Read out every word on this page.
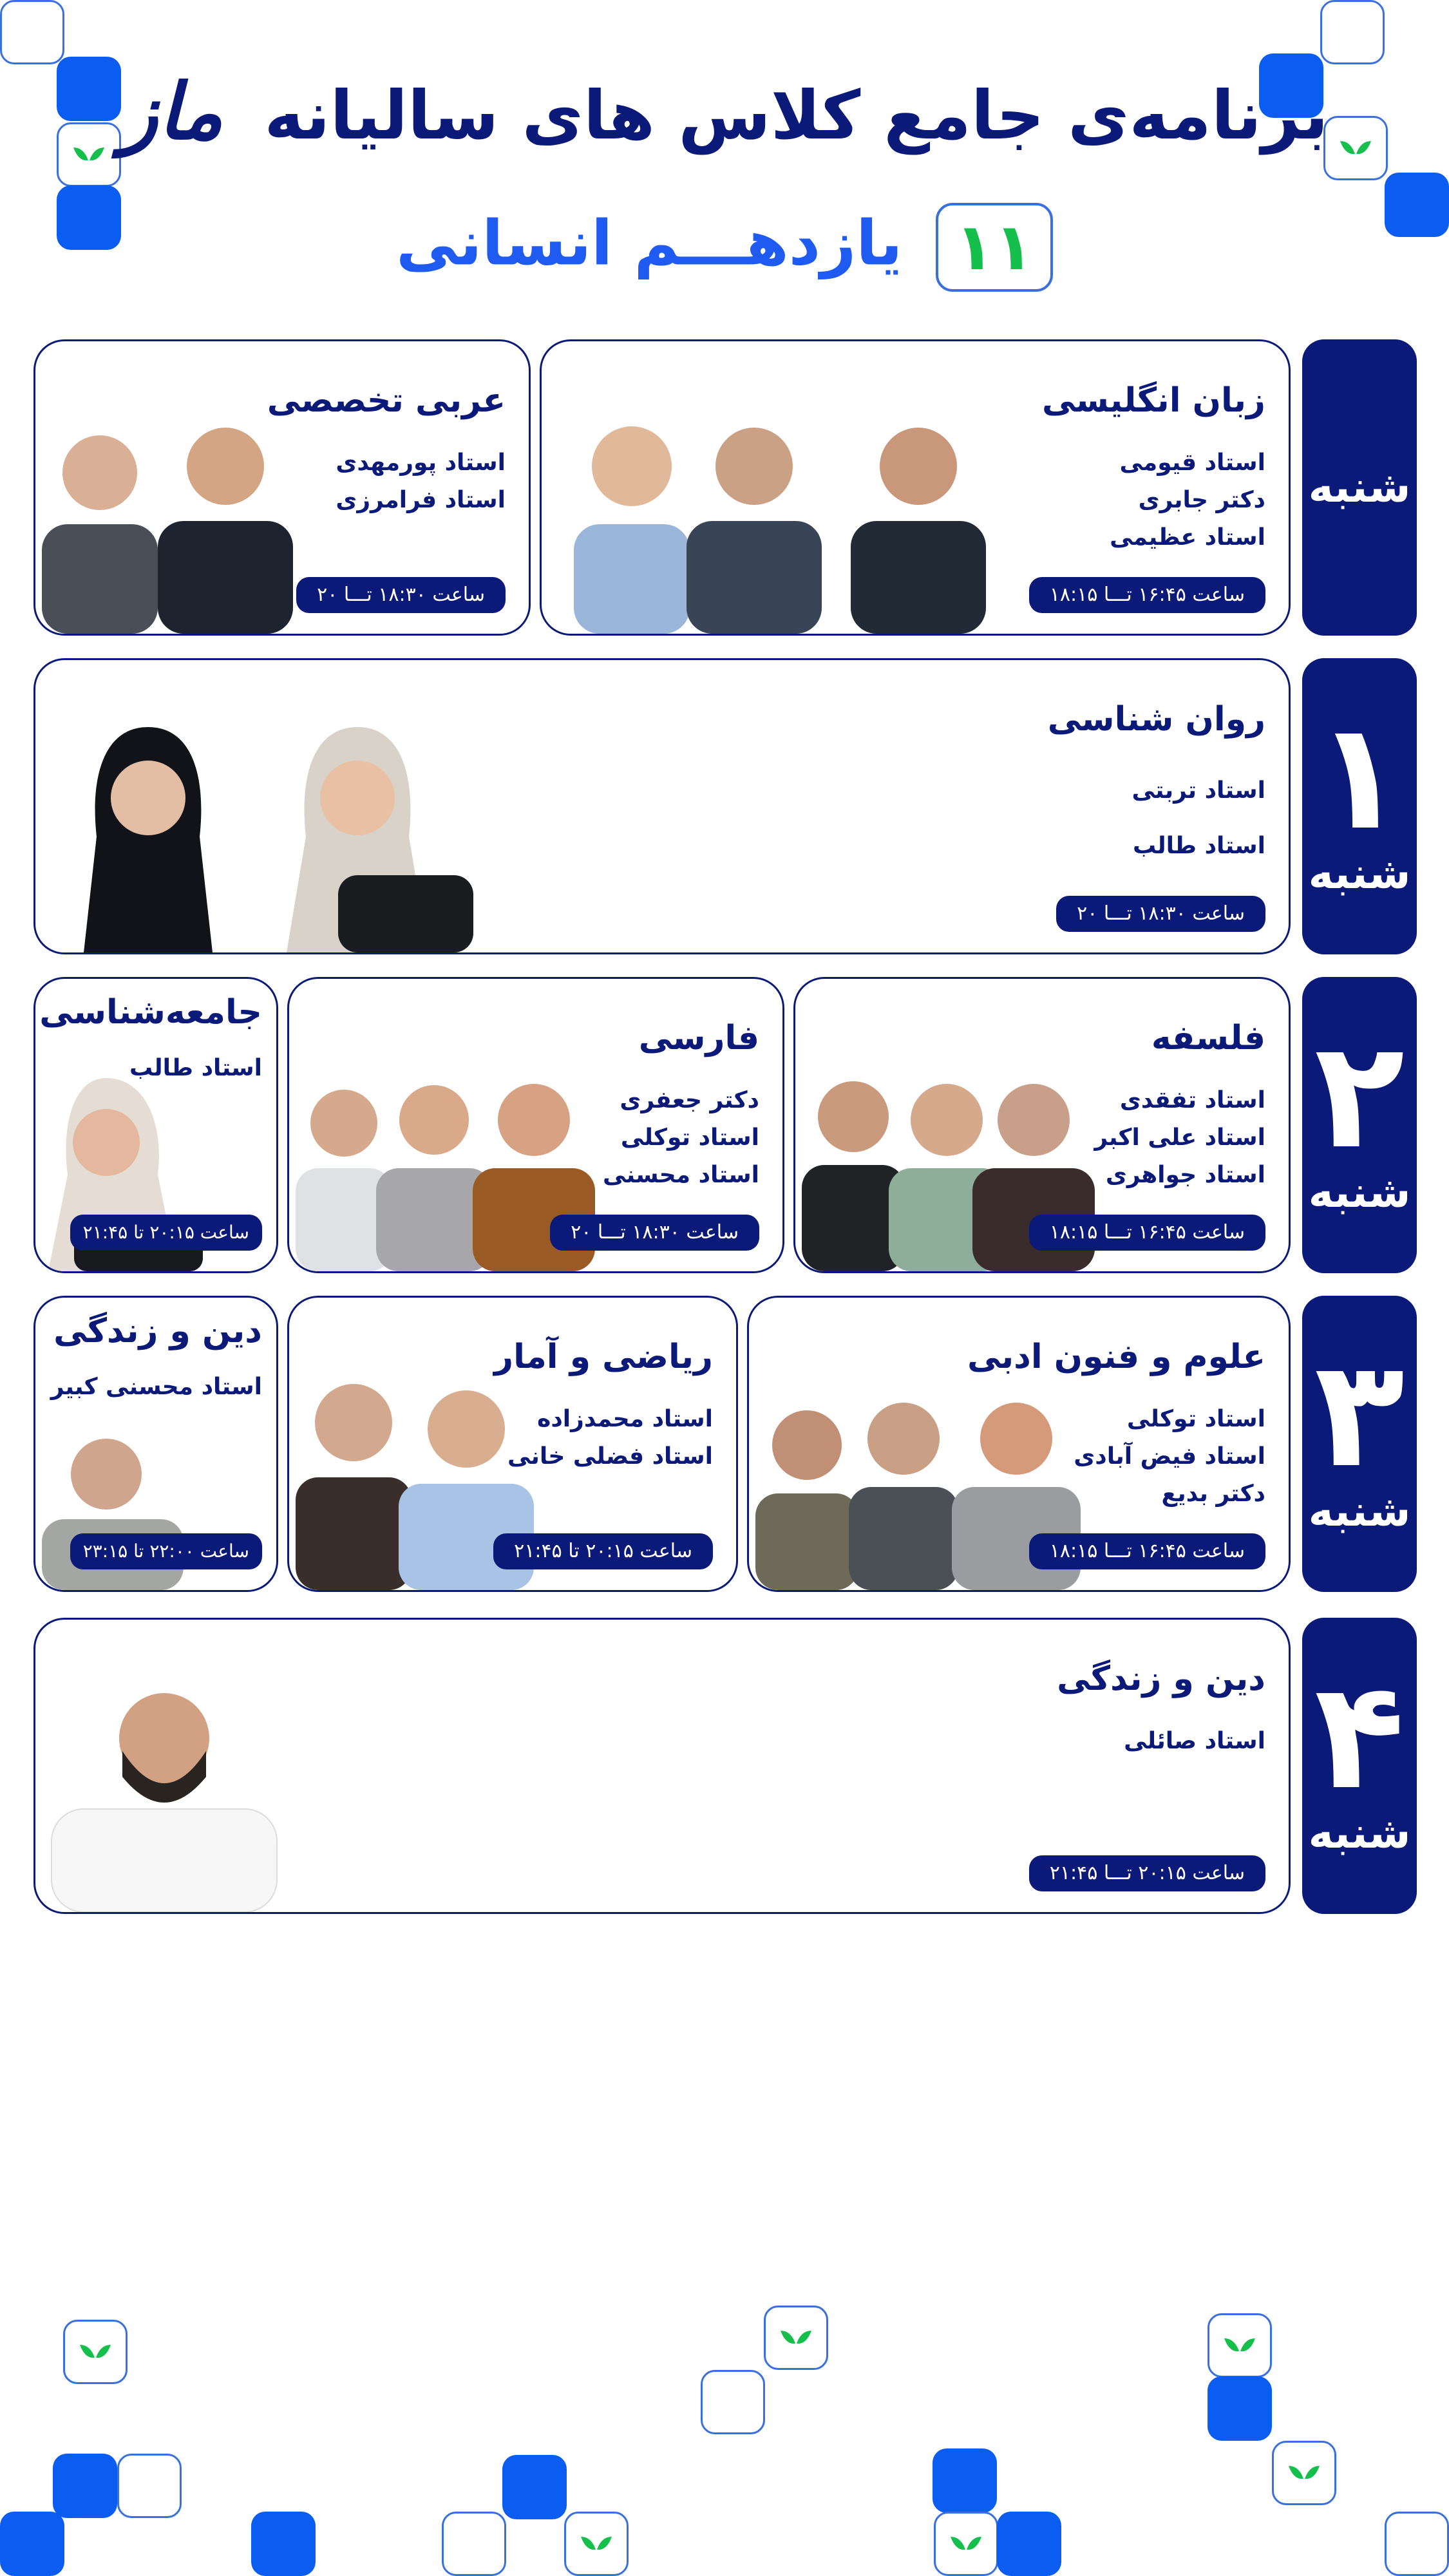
برنامه‌ی جامع کلاس های سالیانه ماز
۱۱ یازدهـــم انسانی
شنبه
۱
شنبه
۲
شنبه
۳
شنبه
۴
شنبه
زبان انگلیسی
استاد قیومی
دکتر جابری
استاد عظیمی
ساعت ۱۶:۴۵ تـــا ۱۸:۱۵
عربی تخصصی
استاد پورمهدی
استاد فرامرزی
ساعت ۱۸:۳۰ تـــا ۲۰
روان شناسی
استاد تربتی
استاد طالب
ساعت ۱۸:۳۰ تـــا ۲۰
فلسفه
استاد تفقدی
استاد علی اکبر
استاد جواهری
ساعت ۱۶:۴۵ تـــا ۱۸:۱۵
فارسی
دکتر جعفری
استاد توکلی
استاد محسنی
ساعت ۱۸:۳۰ تـــا ۲۰
جامعه‌شناسی
استاد طالب
ساعت ۲۰:۱۵ تا ۲۱:۴۵
علوم و فنون ادبی
استاد توکلی
استاد فیض آبادی
دکتر بدیع
ساعت ۱۶:۴۵ تـــا ۱۸:۱۵
ریاضی و آمار
استاد محمدزاده
استاد فضلی خانی
ساعت ۲۰:۱۵ تا ۲۱:۴۵
دین و زندگی
استاد محسنی کبیر
ساعت ۲۲:۰۰ تا ۲۳:۱۵
دین و زندگی
استاد صائلی
ساعت ۲۰:۱۵ تـــا ۲۱:۴۵
